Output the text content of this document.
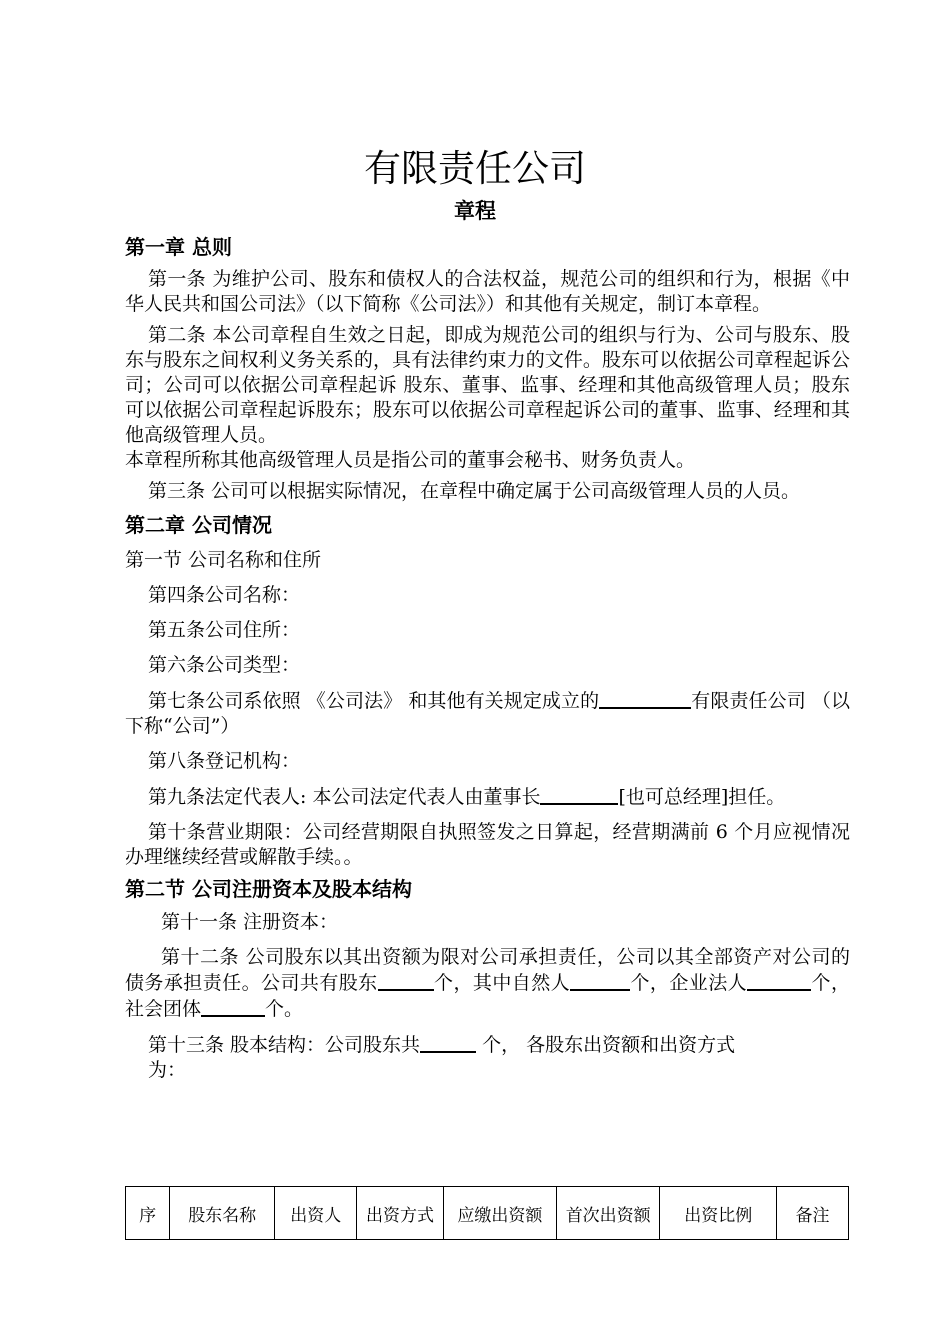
有限责任公司
章程

第一章 总则

第一条 为维护公司、股东和债权人的合法权益，规范公司的组织和行为，根据《中华人民共和国公司法》（以下简称《公司法》）和其他有关规定，制订本章程。

第二条 本公司章程自生效之日起，即成为规范公司的组织与行为、公司与股东、股东与股东之间权利义务关系的，具有法律约束力的文件。股东可以依据公司章程起诉公司；公司可以依据公司章程起诉 股东、董事、监事、经理和其他高级管理人员；股东可以依据公司章程起诉股东；股东可以依据公司章程起诉公司的董事、监事、经理和其他高级管理人员。

本章程所称其他高级管理人员是指公司的董事会秘书、财务负责人。

第三条 公司可以根据实际情况，在章程中确定属于公司高级管理人员的人员。

第二章 公司情况

第一节 公司名称和住所

第四条公司名称：

第五条公司住所：

第六条公司类型：

第七条公司系依照 《公司法》 和其他有关规定成立的	有限责任公司 （以下称“公司”）

第八条登记机构：

第九条法定代表人: 本公司法定代表人由董事长	[也可总经理]担任。

第十条营业期限：公司经营期限自执照签发之日算起，经营期满前 6 个月应视情况办理继续经营或解散手续。。

第二节 公司注册资本及股本结构

第十一条 注册资本：

第十二条 公司股东以其出资额为限对公司承担责任，公司以其全部资产对公司的债务承担责任。公司共有股东	个，其中自然人	个，企业法人	个，社会团体	个。

第十三条 股本结构：公司股东共	个， 各股东出资额和出资方式

为：

序	股东名称	出资人	出资方式	应缴出资额	首次出资额	出资比例	备注
